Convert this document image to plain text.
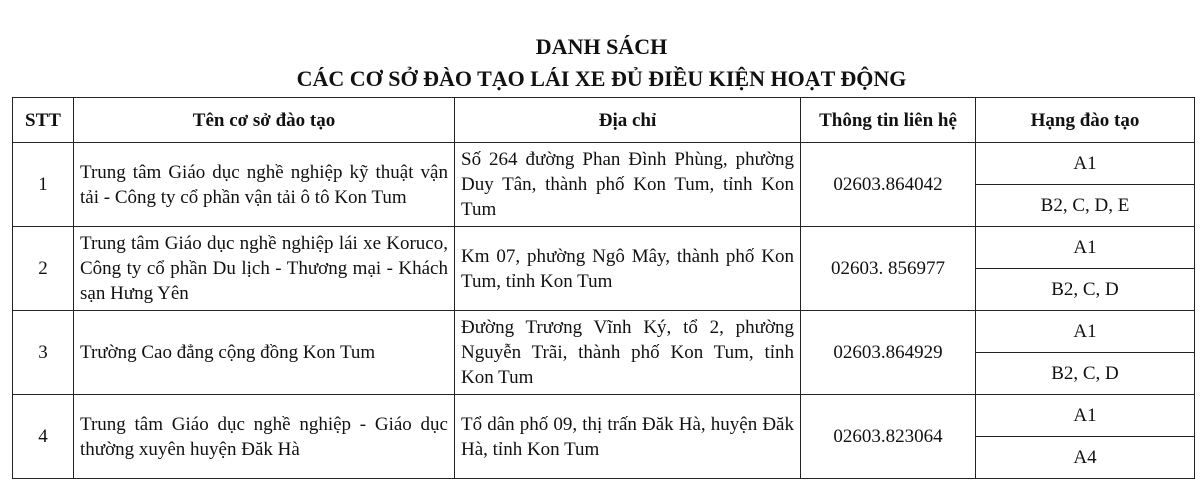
DANH SÁCH
CÁC CƠ SỞ ĐÀO TẠO LÁI XE ĐỦ ĐIỀU KIỆN HOẠT ĐỘNG
STT	Tên cơ sở đào tạo	Địa chỉ	Thông tin liên hệ	Hạng đào tạo
1	Trung tâm Giáo dục nghề nghiệp kỹ thuật vận tải - Công ty cổ phần vận tải ô tô Kon Tum	Số 264 đường Phan Đình Phùng, phường Duy Tân, thành phố Kon Tum, tỉnh Kon Tum	02603.864042	A1
				B2, C, D, E
2	Trung tâm Giáo dục nghề nghiệp lái xe Koruco, Công ty cổ phần Du lịch - Thương mại - Khách sạn Hưng Yên	Km 07, phường Ngô Mây, thành phố Kon Tum, tỉnh Kon Tum	02603. 856977	A1
				B2, C, D
3	Trường Cao đẳng cộng đồng Kon Tum	Đường Trương Vĩnh Ký, tổ 2, phường Nguyễn Trãi, thành phố Kon Tum, tỉnh Kon Tum	02603.864929	A1
				B2, C, D
4	Trung tâm Giáo dục nghề nghiệp - Giáo dục thường xuyên huyện Đăk Hà	Tổ dân phố 09, thị trấn Đăk Hà, huyện Đăk Hà, tỉnh Kon Tum	02603.823064	A1
				A4
